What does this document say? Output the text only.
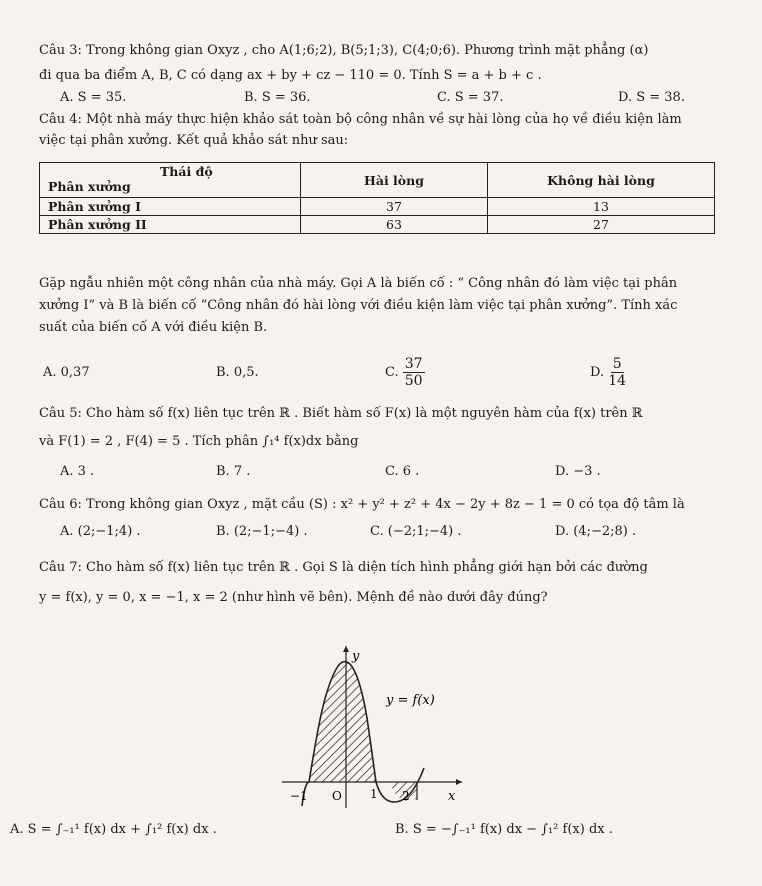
Câu 3: Trong không gian Oxyz , cho A(1;6;2), B(5;1;3), C(4;0;6). Phương trình mặt phẳng (α)
đi qua ba điểm A, B, C có dạng ax + by + cz − 110 = 0. Tính S = a + b + c .
A. S = 35.	B. S = 36.	C. S = 37.	D. S = 38.
Câu 4: Một nhà máy thực hiện khảo sát toàn bộ công nhân về sự hài lòng của họ về điều kiện làm
việc tại phân xưởng. Kết quả khảo sát như sau:
Thái độ
Phân xưởng	Hài lòng	Không hài lòng
Phân xưởng I	37	13
Phân xưởng II	63	27
Gặp ngẫu nhiên một công nhân của nhà máy. Gọi A là biến cố : “ Công nhân đó làm việc tại phân
xưởng I” và B là biến cố “Công nhân đó hài lòng với điều kiện làm việc tại phân xưởng”. Tính xác
suất của biến cố A với điều kiện B.
A. 0,37	B. 0,5.	C. $\frac{37}{50}$	D. $\frac{5}{14}$
Câu 5: Cho hàm số f(x) liên tục trên ℝ . Biết hàm số F(x) là một nguyên hàm của f(x) trên ℝ
và F(1) = 2 , F(4) = 5 . Tích phân ∫₁⁴ f(x)dx bằng
A. 3 .	B. 7 .	C. 6 .	D. −3 .
Câu 6: Trong không gian Oxyz , mặt cầu (S) : x² + y² + z² + 4x − 2y + 8z − 1 = 0 có tọa độ tâm là
A. (2;−1;4) .	B. (2;−1;−4) .	C. (−2;1;−4) .	D. (4;−2;8) .
Câu 7: Cho hàm số f(x) liên tục trên ℝ . Gọi S là diện tích hình phẳng giới hạn bởi các đường
y = f(x), y = 0, x = −1, x = 2 (như hình vẽ bên). Mệnh đề nào dưới đây đúng?
y
y = f(x)
−1 O 1 2	x
A. S = ∫₋₁¹ f(x) dx + ∫₁² f(x) dx .	B. S = −∫₋₁¹ f(x) dx − ∫₁² f(x) dx .
